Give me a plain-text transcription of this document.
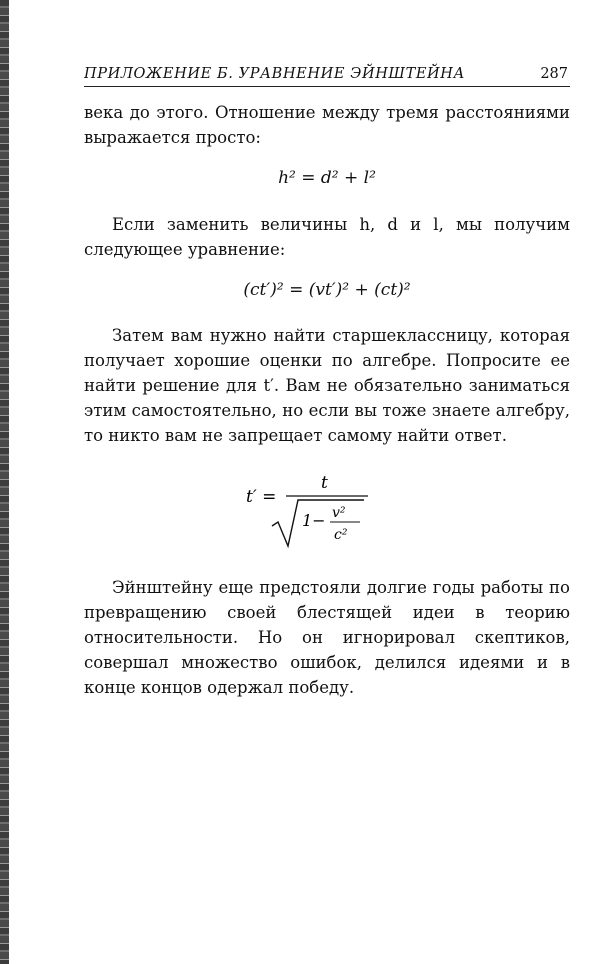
ПРИЛОЖЕНИЕ Б. УРАВНЕНИЕ ЭЙНШТЕЙНА	287
века до этого. Отношение между тремя расстояниями выражается просто:
h² = d² + l²
Если заменить величины h, d и l, мы получим следующее уравнение:
(ct′)² = (vt′)² + (ct)²
Затем вам нужно найти старшеклассницу, которая получает хорошие оценки по алгебре. Попросите ее найти решение для t′. Вам не обязательно заниматься этим самостоятельно, но если вы тоже знаете алгебру, то никто вам не запрещает самому найти ответ.
t′ =
t
1− v²
c²
Эйнштейну еще предстояли долгие годы работы по превращению своей блестящей идеи в теорию относительности. Но он игнорировал скептиков, совершал множество ошибок, делился идеями и в конце концов одержал победу.
